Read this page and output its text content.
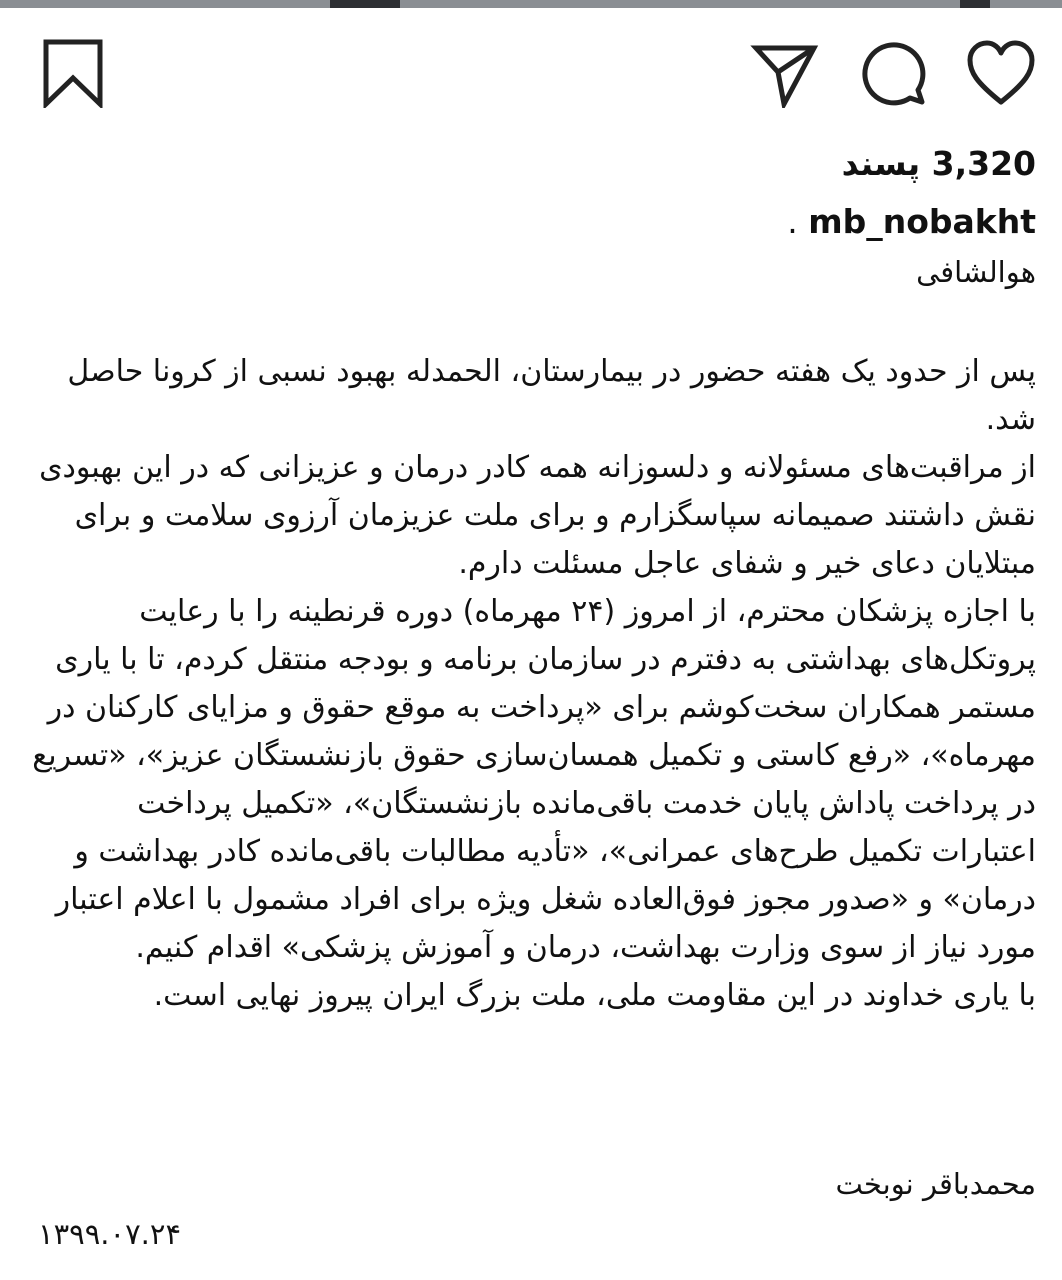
3,320 پسند
mb_nobakht .
هوالشافی

پس از حدود یک هفته حضور در بیمارستان، الحمدله بهبود نسبی از کرونا حاصل شد.

از مراقبت‌های مسئولانه و دلسوزانه همه کادر درمان و عزیزانی که در این بهبودی نقش داشتند صمیمانه سپاسگزارم و برای ملت عزیزمان آرزوی سلامت و برای مبتلایان دعای خیر و شفای عاجل مسئلت دارم.

با اجازه پزشکان محترم، از امروز (۲۴ مهرماه) دوره قرنطینه را با رعایت پروتکل‌های بهداشتی به دفترم در سازمان برنامه و بودجه منتقل کردم، تا با یاری مستمر همکاران سخت‌کوشم برای «پرداخت به موقع حقوق و مزایای کارکنان در مهرماه»، «رفع کاستی و تکمیل همسان‌سازی حقوق بازنشستگان عزیز»، «تسریع در پرداخت پاداش پایان خدمت باقی‌مانده بازنشستگان»، «تکمیل پرداخت اعتبارات تکمیل طرح‌های عمرانی»، «تأدیه مطالبات باقی‌مانده کادر بهداشت و درمان» و «صدور مجوز فوق‌العاده شغل ویژه برای افراد مشمول با اعلام اعتبار مورد نیاز از سوی وزارت بهداشت، درمان و آموزش پزشکی» اقدام کنیم.

با یاری خداوند در این مقاومت ملی، ملت بزرگ ایران پیروز نهایی است.

محمدباقر نوبخت
۱۳۹۹.۰۷.۲۴
